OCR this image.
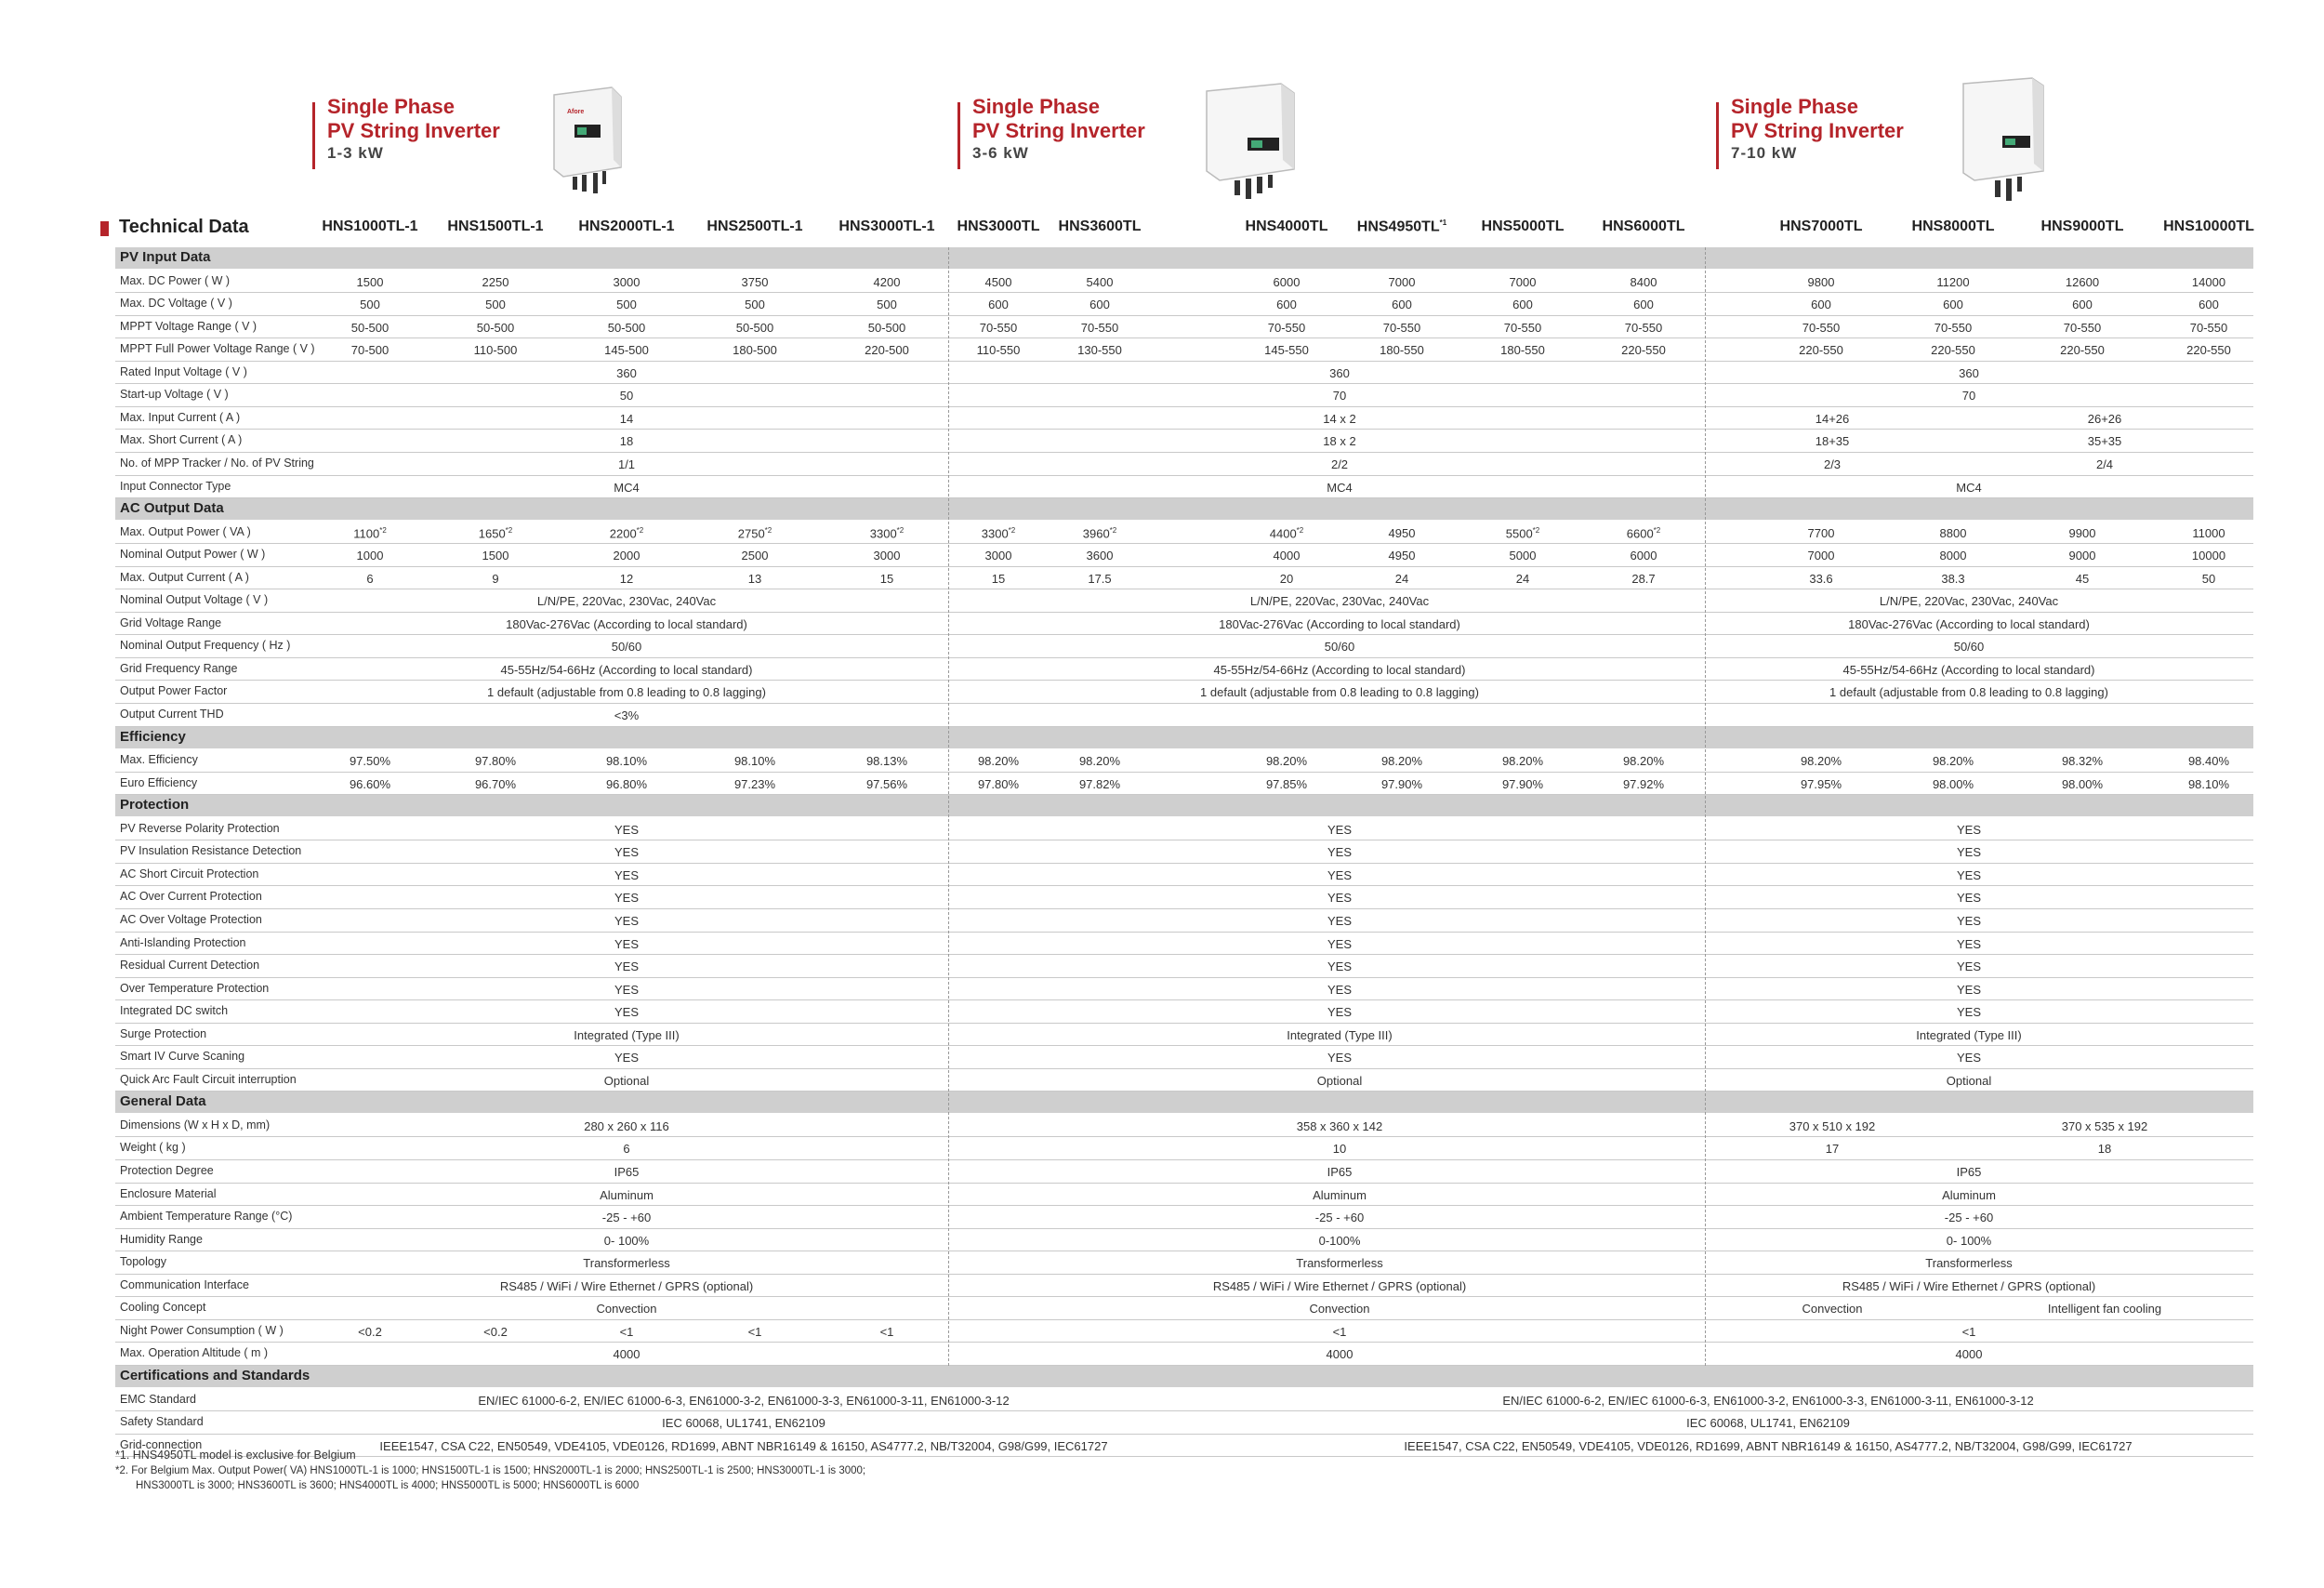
Single Phase
PV String Inverter
1-3 kW
Single Phase
PV String Inverter
3-6 kW
Single Phase
PV String Inverter
7-10 kW
Afore
Technical Data	HNS1000TL-1 HNS1500TL-1 HNS2000TL-1 HNS2500TL-1 HNS3000TL-1 HNS3000TL HNS3600TL	HNS4000TL HNS4950TL$^{*1}$ HNS5000TL	HNS6000TL	HNS7000TL	HNS8000TL	HNS9000TL	HNS10000TL
PV Input Data
Max. DC Power ( W )	1500	2250	3000	3750	4200	4500	5400	6000	7000	7000	8400	9800	11200	12600	14000
Max. DC Voltage ( V )	500	500	500	500	500	600	600	600	600	600	600	600	600	600	600
MPPT Voltage Range ( V )	50-500	50-500	50-500	50-500	50-500	70-550	70-550	70-550	70-550	70-550	70-550	70-550	70-550	70-550	70-550
MPPT Full Power Voltage Range ( V )	70-500	110-500	145-500	180-500	220-500	110-550	130-550	145-550	180-550	180-550	220-550	220-550	220-550	220-550	220-550
Rated Input Voltage ( V )	360	360	360
Start-up Voltage ( V )	50	70	70
Max. Input Current ( A )	14	14 x 2	14+26	26+26
Max. Short Current ( A )	18	18 x 2	18+35	35+35
No. of MPP Tracker / No. of PV String	1/1	2/2	2/3	2/4
Input Connector Type	MC4	MC4	MC4
AC Output Data
Max. Output Power ( VA )	1100$^{*2}$	1650$^{*2}$	2200$^{*2}$	2750$^{*2}$	3300$^{*2}$	3300$^{*2}$	3960$^{*2}$	4400$^{*2}$	4950	5500$^{*2}$	6600$^{*2}$	7700	8800	9900	11000
Nominal Output Power ( W )	1000	1500	2000	2500	3000	3000	3600	4000	4950	5000	6000	7000	8000	9000	10000
Max. Output Current ( A )	6	9	12	13	15	15	17.5	20	24	24	28.7	33.6	38.3	45	50
Nominal Output Voltage ( V )	L/N/PE, 220Vac, 230Vac, 240Vac	L/N/PE, 220Vac, 230Vac, 240Vac	L/N/PE, 220Vac, 230Vac, 240Vac
Grid Voltage Range	180Vac-276Vac (According to local standard)	180Vac-276Vac (According to local standard)	180Vac-276Vac (According to local standard)
Nominal Output Frequency ( Hz )	50/60	50/60	50/60
Grid Frequency Range	45-55Hz/54-66Hz (According to local standard)	45-55Hz/54-66Hz (According to local standard)	45-55Hz/54-66Hz (According to local standard)
Output Power Factor	1 default (adjustable from 0.8 leading to 0.8 lagging)	1 default (adjustable from 0.8 leading to 0.8 lagging)	1 default (adjustable from 0.8 leading to 0.8 lagging)
Output Current THD	<3%
Efficiency
Max. Efficiency	97.50%	97.80%	98.10%	98.10%	98.13%	98.20%	98.20%	98.20%	98.20%	98.20%	98.20%	98.20%	98.20%	98.32%	98.40%
Euro Efficiency	96.60%	96.70%	96.80%	97.23%	97.56%	97.80%	97.82%	97.85%	97.90%	97.90%	97.92%	97.95%	98.00%	98.00%	98.10%
Protection
PV Reverse Polarity Protection	YES	YES	YES
PV Insulation Resistance Detection	YES	YES	YES
AC Short Circuit Protection	YES	YES	YES
AC Over Current Protection	YES	YES	YES
AC Over Voltage Protection	YES	YES	YES
Anti-Islanding Protection	YES	YES	YES
Residual Current Detection	YES	YES	YES
Over Temperature Protection	YES	YES	YES
Integrated DC switch	YES	YES	YES
Surge Protection	Integrated (Type III)	Integrated (Type III)	Integrated (Type III)
Smart IV Curve Scaning	YES	YES	YES
Quick Arc Fault Circuit interruption	Optional	Optional	Optional
General Data
Dimensions (W x H x D, mm)	280 x 260 x 116	358 x 360 x 142	370 x 510 x 192	370 x 535 x 192
Weight ( kg )	6	10	17	18
Protection Degree	IP65	IP65	IP65
Enclosure Material	Aluminum	Aluminum	Aluminum
Ambient Temperature Range (°C)	-25 - +60	-25 - +60	-25 - +60
Humidity Range	0- 100%	0-100%	0- 100%
Topology	Transformerless	Transformerless	Transformerless
Communication Interface	RS485 / WiFi / Wire Ethernet / GPRS (optional)	RS485 / WiFi / Wire Ethernet / GPRS (optional)	RS485 / WiFi / Wire Ethernet / GPRS (optional)
Cooling Concept	Convection	Convection	Convection	Intelligent fan cooling
Night Power Consumption ( W )	<0.2	<0.2	<1	<1	<1	<1	<1
Max. Operation Altitude ( m )	4000	4000	4000
Certifications and Standards
EMC Standard	EN/IEC 61000-6-2, EN/IEC 61000-6-3, EN61000-3-2, EN61000-3-3, EN61000-3-11, EN61000-3-12	EN/IEC 61000-6-2, EN/IEC 61000-6-3, EN61000-3-2, EN61000-3-3, EN61000-3-11, EN61000-3-12
Safety Standard	IEC 60068, UL1741, EN62109	IEC 60068, UL1741, EN62109
Grid-connection	IEEE1547, CSA C22, EN50549, VDE4105, VDE0126, RD1699, ABNT NBR16149 & 16150, AS4777.2, NB/T32004, G98/G99, IEC61727	IEEE1547, CSA C22, EN50549, VDE4105, VDE0126, RD1699, ABNT NBR16149 & 16150, AS4777.2, NB/T32004, G98/G99, IEC61727
*1. HNS4950TL model is exclusive for Belgium
*2. For Belgium Max. Output Power( VA) HNS1000TL-1 is 1000; HNS1500TL-1 is 1500; HNS2000TL-1 is 2000; HNS2500TL-1 is 2500; HNS3000TL-1 is 3000;
HNS3000TL is 3000; HNS3600TL is 3600; HNS4000TL is 4000; HNS5000TL is 5000; HNS6000TL is 6000
